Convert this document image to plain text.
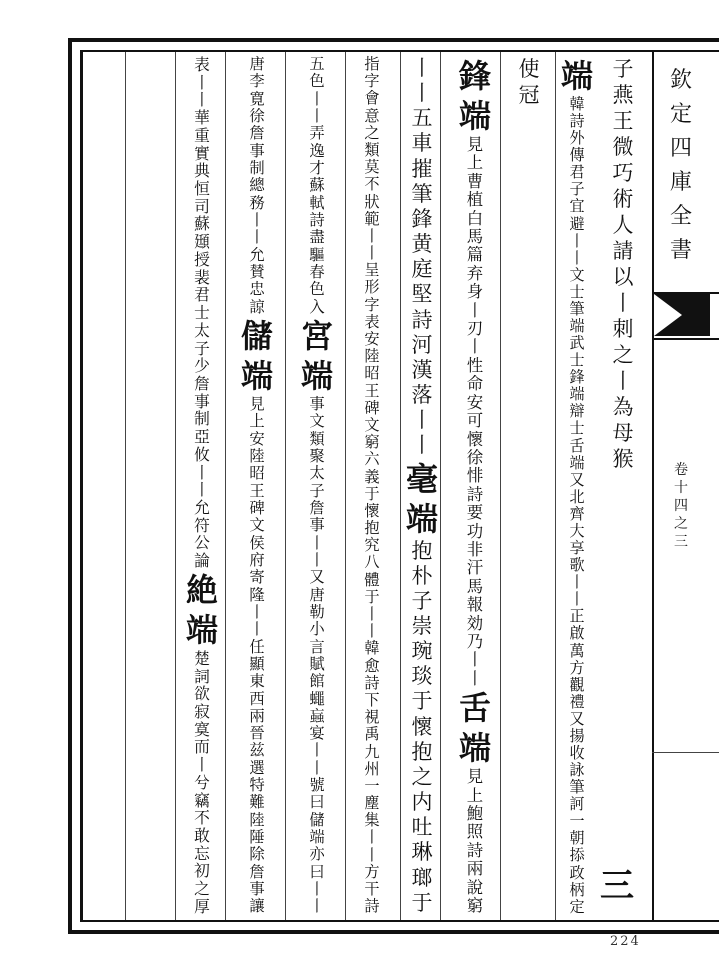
子
燕
王
微
巧
術
人
請
以
丨
刺
之
丨
為
母
猴
端
韓
詩
外
傳
君
子
宜
避
丨
丨
文
士
筆
端
武
士
鋒
端
辯
士
舌
端
又
北
齊
大
享
歌
丨
丨
正
啟
萬
方
觀
禮
又
揚
收
詠
筆
訶
一
朝
掭
政
柄
定
使
冠
鋒
端
見
上
曹
植
白
馬
篇
弃
身
丨
刃
丨
性
命
安
可
懷
徐
悱
詩
要
功
非
汗
馬
報
効
乃
丨
丨
舌
端
見
上
鮑
照
詩
兩
說
窮
丨
丨
五
車
摧
筆
鋒
黄
庭
堅
詩
河
漢
落
丨
丨
毫
端
抱
朴
子
崇
琬
琰
于
懷
抱
之
内
吐
琳
瑯
于
指
字
會
意
之
類
莫
不
狀
範
丨
丨
呈
形
字
表
安
陸
昭
王
碑
文
窮
六
義
于
懷
抱
究
八
體
于
丨
丨
韓
愈
詩
下
視
禹
九
州
一
塵
集
丨
丨
方
干
詩
五
色
丨
丨
弄
逸
才
蘇
軾
詩
盡
驅
春
色
入
宮
端
事
文
類
聚
太
子
詹
事
丨
丨
又
唐
勒
小
言
賦
館
蠅
蝱
宴
丨
丨
號
曰
儲
端
亦
曰
丨
丨
唐
李
寛
徐
詹
事
制
總
務
丨
丨
允
賛
忠
諒
儲
端
見
上
安
陸
昭
王
碑
文
侯
府
寄
隆
丨
丨
任
顯
東
西
兩
晉
兹
選
特
難
陸
陲
除
詹
事
讓
表
丨
丨
華
重
實
典
恒
司
蘇
頲
授
裴
君
士
太
子
少
詹
事
制
亞
攸
丨
丨
允
符
公
論
絶
端
楚
詞
欲
寂
寞
而
丨
兮
竊
不
敢
忘
初
之
厚
欽
定
四
庫
全
書
卷
十
四
之
三
三
224
